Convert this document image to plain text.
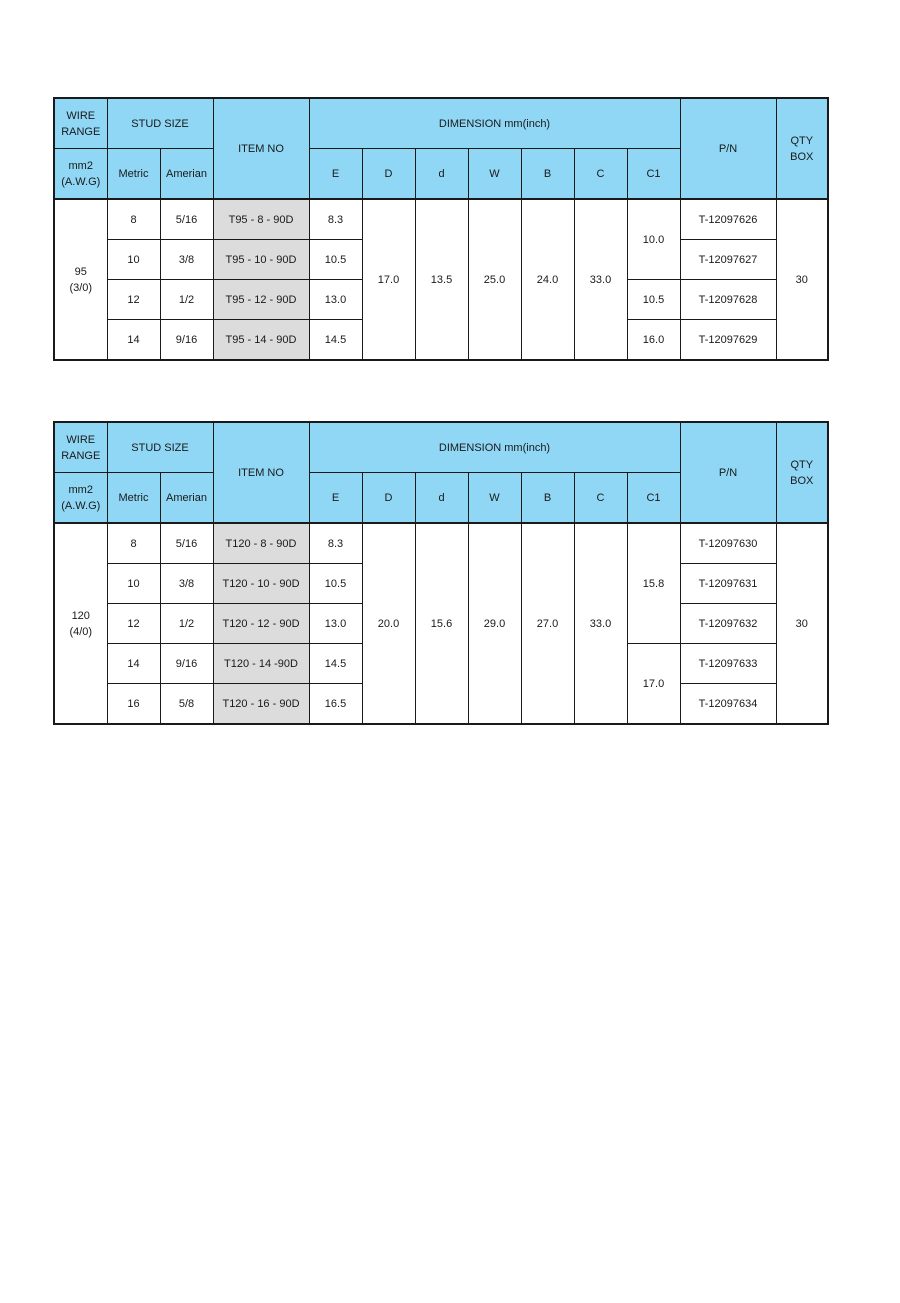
WIRE
RANGE	STUD SIZE		ITEM NO	DIMENSION mm(inch)							P/N	QTY
BOX
mm2
(A.W.G)	Metric	Amerian		E	D	d	W	B	C	C1		
95
(3/0)	8	5/16	T95 - 8 - 90D	8.3	17.0	13.5	25.0	24.0	33.0	10.0	T-12097626	30
	10	3/8	T95 - 10 - 90D	10.5							T-12097627	
	12	1/2	T95 - 12 - 90D	13.0						10.5	T-12097628	
	14	9/16	T95 - 14 - 90D	14.5						16.0	T-12097629	
WIRE
RANGE	STUD SIZE		ITEM NO	DIMENSION mm(inch)							P/N	QTY
BOX
mm2
(A.W.G)	Metric	Amerian		E	D	d	W	B	C	C1		
120
(4/0)	8	5/16	T120 - 8 - 90D	8.3	20.0	15.6	29.0	27.0	33.0	15.8	T-12097630	30
	10	3/8	T120 - 10 - 90D	10.5							T-12097631	
	12	1/2	T120 - 12 - 90D	13.0							T-12097632	
	14	9/16	T120 - 14 -90D	14.5						17.0	T-12097633	
	16	5/8	T120 - 16 - 90D	16.5							T-12097634	
